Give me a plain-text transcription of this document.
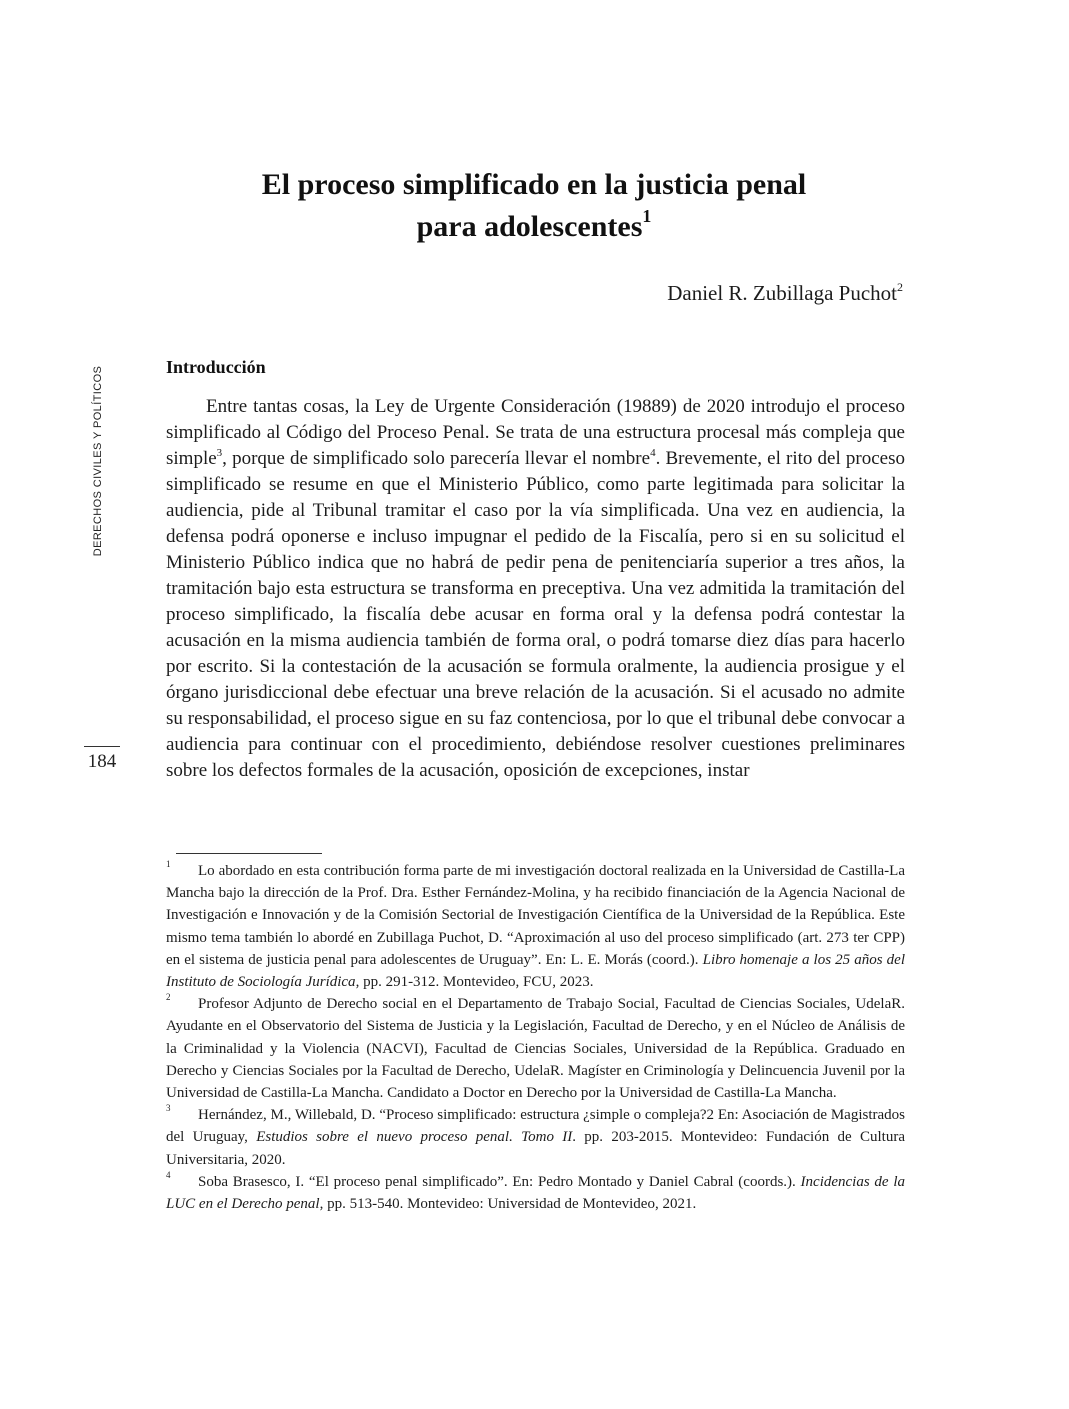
DERECHOS CIVILES Y POLÍTICOS
184
El proceso simplificado en la justicia penal
para adolescentes$^1$

Daniel R. Zubillaga Puchot$^2$

Introducción

Entre tantas cosas, la Ley de Urgente Consideración (19889) de 2020 introdujo el proceso simplificado al Código del Proceso Penal. Se trata de una estructura procesal más compleja que simple$^3$, porque de simplificado solo parecería llevar el nombre$^4$. Brevemente, el rito del proceso simplificado se resume en que el Ministerio Público, como parte legitimada para solicitar la audiencia, pide al Tribunal tramitar el caso por la vía simplificada. Una vez en audiencia, la defensa podrá oponerse e incluso impugnar el pedido de la Fiscalía, pero si en su solicitud el Ministerio Público indica que no habrá de pedir pena de penitenciaría superior a tres años, la tramitación bajo esta estructura se transforma en preceptiva. Una vez admitida la tramitación del proceso simplificado, la fiscalía debe acusar en forma oral y la defensa podrá contestar la acusación en la misma audiencia también de forma oral, o podrá tomarse diez días para hacerlo por escrito. Si la contestación de la acusación se formula oralmente, la audiencia prosigue y el órgano jurisdiccional debe efectuar una breve relación de la acusación. Si el acusado no admite su responsabilidad, el proceso sigue en su faz contenciosa, por lo que el tribunal debe convocar a audiencia para continuar con el procedimiento, debiéndose resolver cuestiones preliminares sobre los defectos formales de la acusación, oposición de excepciones, instar

1 Lo abordado en esta contribución forma parte de mi investigación doctoral realizada en la Universidad de Castilla-La Mancha bajo la dirección de la Prof. Dra. Esther Fernández-Molina, y ha recibido financiación de la Agencia Nacional de Investigación e Innovación y de la Comisión Sectorial de Investigación Científica de la Universidad de la República. Este mismo tema también lo abordé en Zubillaga Puchot, D. “Aproximación al uso del proceso simplificado (art. 273 ter CPP) en el sistema de justicia penal para adolescentes de Uruguay”. En: L. E. Morás (coord.). Libro homenaje a los 25 años del Instituto de Sociología Jurídica, pp. 291-312. Montevideo, FCU, 2023.

2 Profesor Adjunto de Derecho social en el Departamento de Trabajo Social, Facultad de Ciencias Sociales, UdelaR. Ayudante en el Observatorio del Sistema de Justicia y la Legislación, Facultad de Derecho, y en el Núcleo de Análisis de la Criminalidad y la Violencia (NACVI), Facultad de Ciencias Sociales, Universidad de la República. Graduado en Derecho y Ciencias Sociales por la Facultad de Derecho, UdelaR. Magíster en Criminología y Delincuencia Juvenil por la Universidad de Castilla-La Mancha. Candidato a Doctor en Derecho por la Universidad de Castilla-La Mancha.

3 Hernández, M., Willebald, D. “Proceso simplificado: estructura ¿simple o compleja?2 En: Asociación de Magistrados del Uruguay, Estudios sobre el nuevo proceso penal. Tomo II. pp. 203-2015. Montevideo: Fundación de Cultura Universitaria, 2020.

4 Soba Brasesco, I. “El proceso penal simplificado”. En: Pedro Montado y Daniel Cabral (coords.). Incidencias de la LUC en el Derecho penal, pp. 513-540. Montevideo: Universidad de Montevideo, 2021.
